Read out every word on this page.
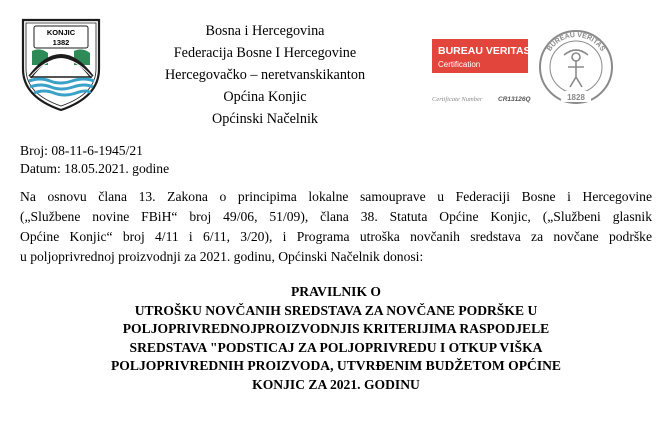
KONJIC
1382
Bosna i Hercegovina
Federacija Bosne I Hercegovine
Hercegovačko – neretvanskikanton
Općina Konjic
Općinski Načelnik
BUREAU VERITAS
Certification
BUREAU VERITAS
1828
Certificate Number CR13126Q
Broj: 08-11-6-1945/21
Datum: 18.05.2021. godine
Na osnovu člana 13. Zakona o principima lokalne samouprave u Federaciji Bosne i Hercegovine
(„Službene novine FBiH“ broj 49/06, 51/09), člana 38. Statuta Općine Konjic, („Službeni glasnik
Općine Konjic“ broj 4/11 i 6/11, 3/20), i Programa utroška novčanih sredstava za novčane podrške
u poljoprivrednoj proizvodnji za 2021. godinu, Općinski Načelnik donosi:
PRAVILNIK O
UTROŠKU NOVČANIH SREDSTAVA ZA NOVČANE PODRŠKE U
POLJOPRIVREDNOJPROIZVODNJIS KRITERIJIMA RASPODJELE
SREDSTAVA "PODSTICAJ ZA POLJOPRIVREDU I OTKUP VIŠKA
POLJOPRIVREDNIH PROIZVODA, UTVRĐENIM BUDŽETOM OPĆINE
KONJIC ZA 2021. GODINU
